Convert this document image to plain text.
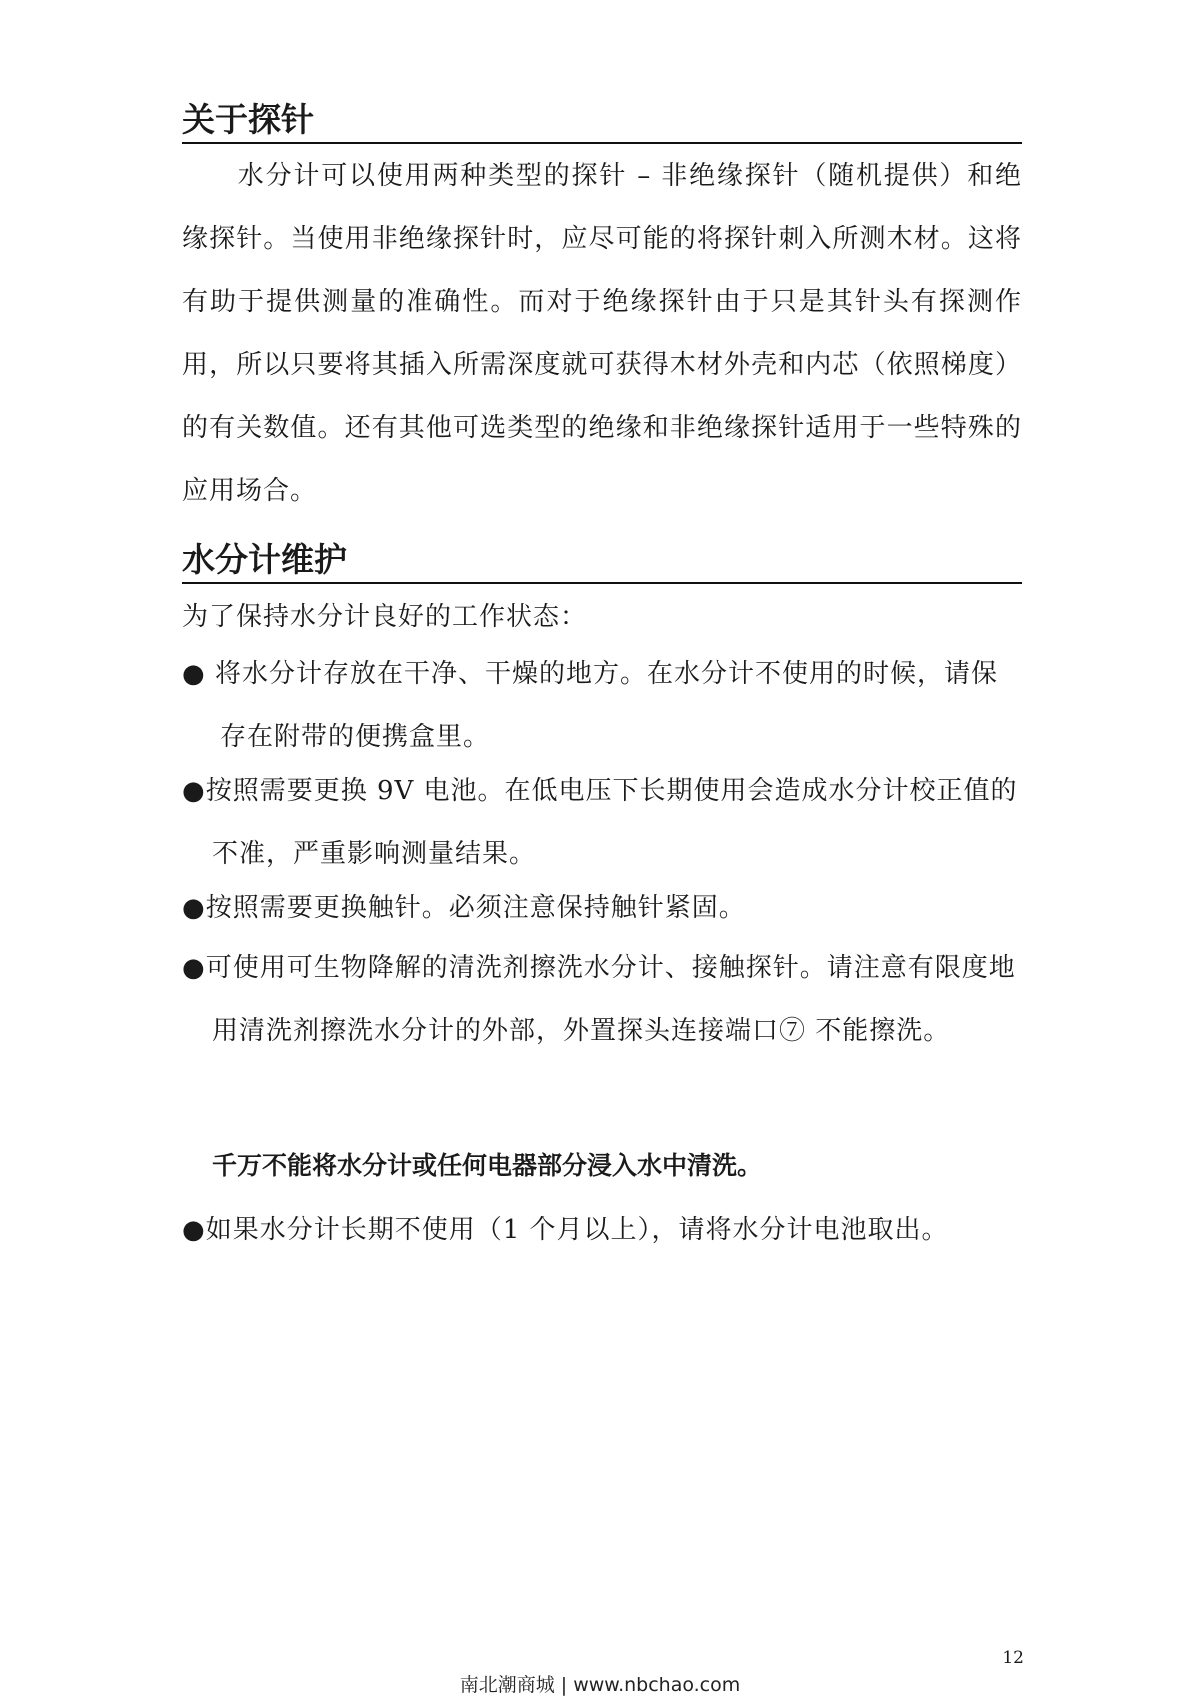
关于探针
水分计可以使用两种类型的探针 – 非绝缘探针（随机提供）和绝缘探针。当使用非绝缘探针时，应尽可能的将探针刺入所测木材。这将有助于提供测量的准确性。而对于绝缘探针由于只是其针头有探测作用，所以只要将其插入所需深度就可获得木材外壳和内芯（依照梯度）的有关数值。还有其他可选类型的绝缘和非绝缘探针适用于一些特殊的应用场合。
水分计维护
为了保持水分计良好的工作状态：
● 将水分计存放在干净、干燥的地方。在水分计不使用的时候，请保存在附带的便携盒里。
●按照需要更换 9V 电池。在低电压下长期使用会造成水分计校正值的不准，严重影响测量结果。
●按照需要更换触针。必须注意保持触针紧固。
●可使用可生物降解的清洗剂擦洗水分计、接触探针。请注意有限度地用清洗剂擦洗水分计的外部，外置探头连接端口⑦ 不能擦洗。
千万不能将水分计或任何电器部分浸入水中清洗。
●如果水分计长期不使用（1 个月以上），请将水分计电池取出。
12
南北潮商城 | www.nbchao.com
